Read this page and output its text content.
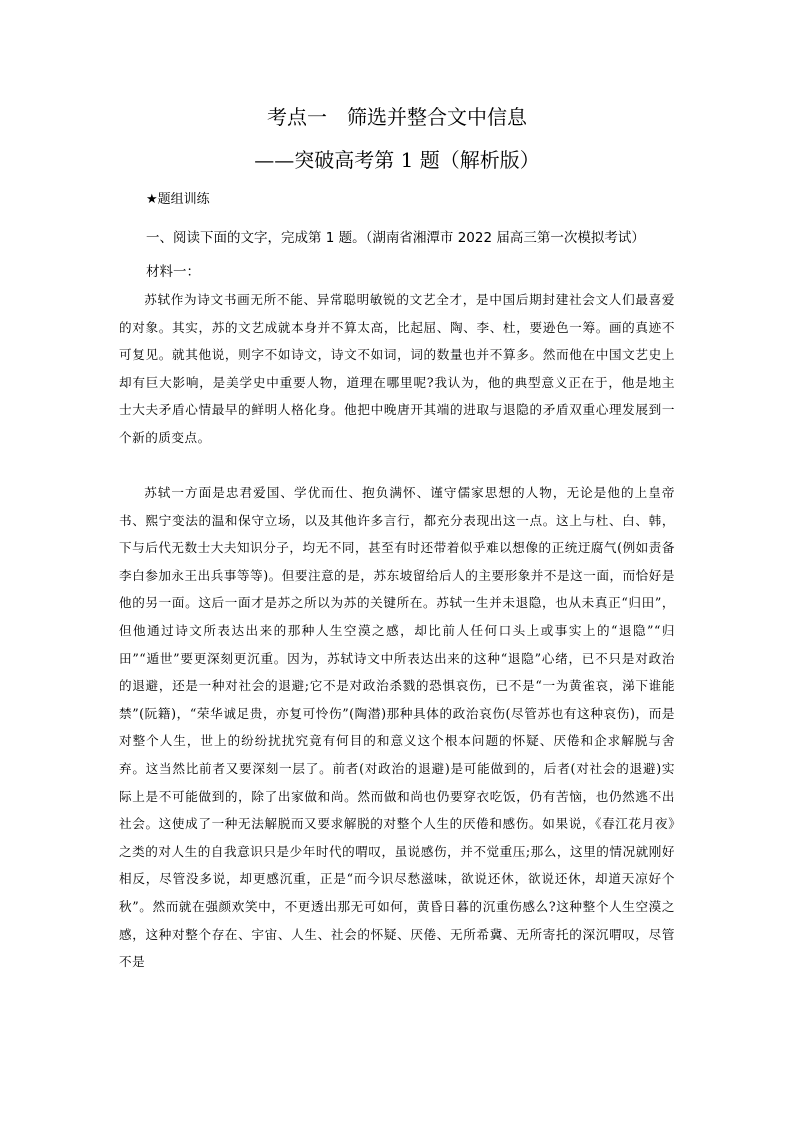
考点一　筛选并整合文中信息
——突破高考第 1 题（解析版）
★题组训练
一、阅读下面的文字，完成第 1 题。（湖南省湘潭市 2022 届高三第一次模拟考试）
材料一：

苏轼作为诗文书画无所不能、异常聪明敏锐的文艺全才，是中国后期封建社会文人们最喜爱的对象。其实，苏的文艺成就本身并不算太高，比起屈、陶、李、杜，要逊色一筹。画的真迹不可复见。就其他说，则字不如诗文，诗文不如词，词的数量也并不算多。然而他在中国文艺史上却有巨大影响，是美学史中重要人物，道理在哪里呢?我认为，他的典型意义正在于，他是地主士大夫矛盾心情最早的鲜明人格化身。他把中晚唐开其端的进取与退隐的矛盾双重心理发展到一个新的质变点。

苏轼一方面是忠君爱国、学优而仕、抱负满怀、谨守儒家思想的人物，无论是他的上皇帝书、熙宁变法的温和保守立场，以及其他许多言行，都充分表现出这一点。这上与杜、白、韩，下与后代无数士大夫知识分子，均无不同，甚至有时还带着似乎难以想像的正统迂腐气(例如责备李白参加永王出兵事等等)。但要注意的是，苏东坡留给后人的主要形象并不是这一面，而恰好是他的另一面。这后一面才是苏之所以为苏的关键所在。苏轼一生并未退隐，也从未真正“归田”，但他通过诗文所表达出来的那种人生空漠之感，却比前人任何口头上或事实上的“退隐”“归田”“遁世”要更深刻更沉重。因为，苏轼诗文中所表达出来的这种“退隐”心绪，已不只是对政治的退避，还是一种对社会的退避;它不是对政治杀戮的恐惧哀伤，已不是“一为黄雀哀，涕下谁能禁”(阮籍)，“荣华诚足贵，亦复可怜伤”(陶潜)那种具体的政治哀伤(尽管苏也有这种哀伤)，而是对整个人生，世上的纷纷扰扰究竟有何目的和意义这个根本问题的怀疑、厌倦和企求解脱与舍弃。这当然比前者又要深刻一层了。前者(对政治的退避)是可能做到的，后者(对社会的退避)实际上是不可能做到的，除了出家做和尚。然而做和尚也仍要穿衣吃饭，仍有苦恼，也仍然逃不出社会。这使成了一种无法解脱而又要求解脱的对整个人生的厌倦和感伤。如果说，《春江花月夜》之类的对人生的自我意识只是少年时代的喟叹，虽说感伤，并不觉重压;那么，这里的情况就刚好相反，尽管没多说，却更感沉重，正是“而今识尽愁滋味，欲说还休，欲说还休，却道天凉好个秋”。然而就在强颜欢笑中，不更透出那无可如何，黄昏日暮的沉重伤感么?这种整个人生空漠之感，这种对整个存在、宇宙、人生、社会的怀疑、厌倦、无所希冀、无所寄托的深沉喟叹，尽管不是
